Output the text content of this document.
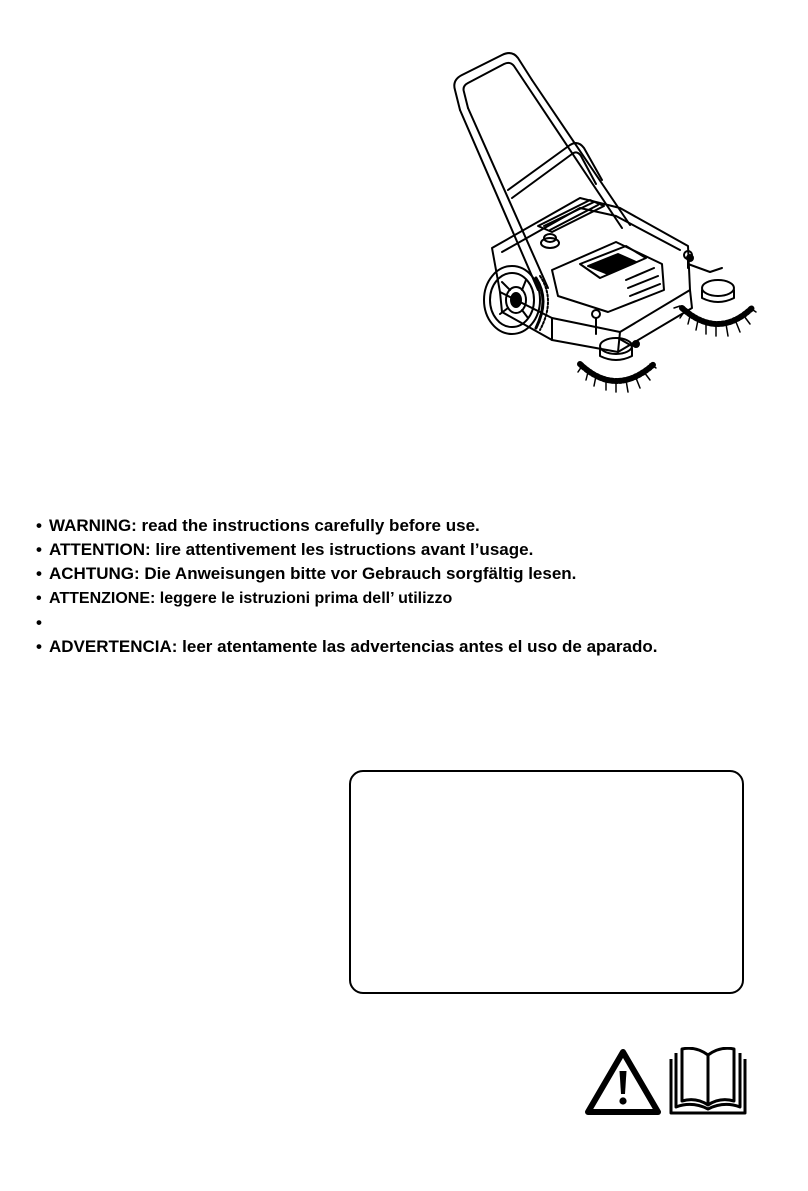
• WARNING: read the instructions carefully before use.
• ATTENTION: lire attentivement les istructions avant l’usage.
• ACHTUNG: Die Anweisungen bitte vor Gebrauch sorgfältig lesen.
• ATTENZIONE: leggere le istruzioni prima dell’ utilizzo
•
• ADVERTENCIA: leer atentamente las advertencias antes el uso de aparado.
